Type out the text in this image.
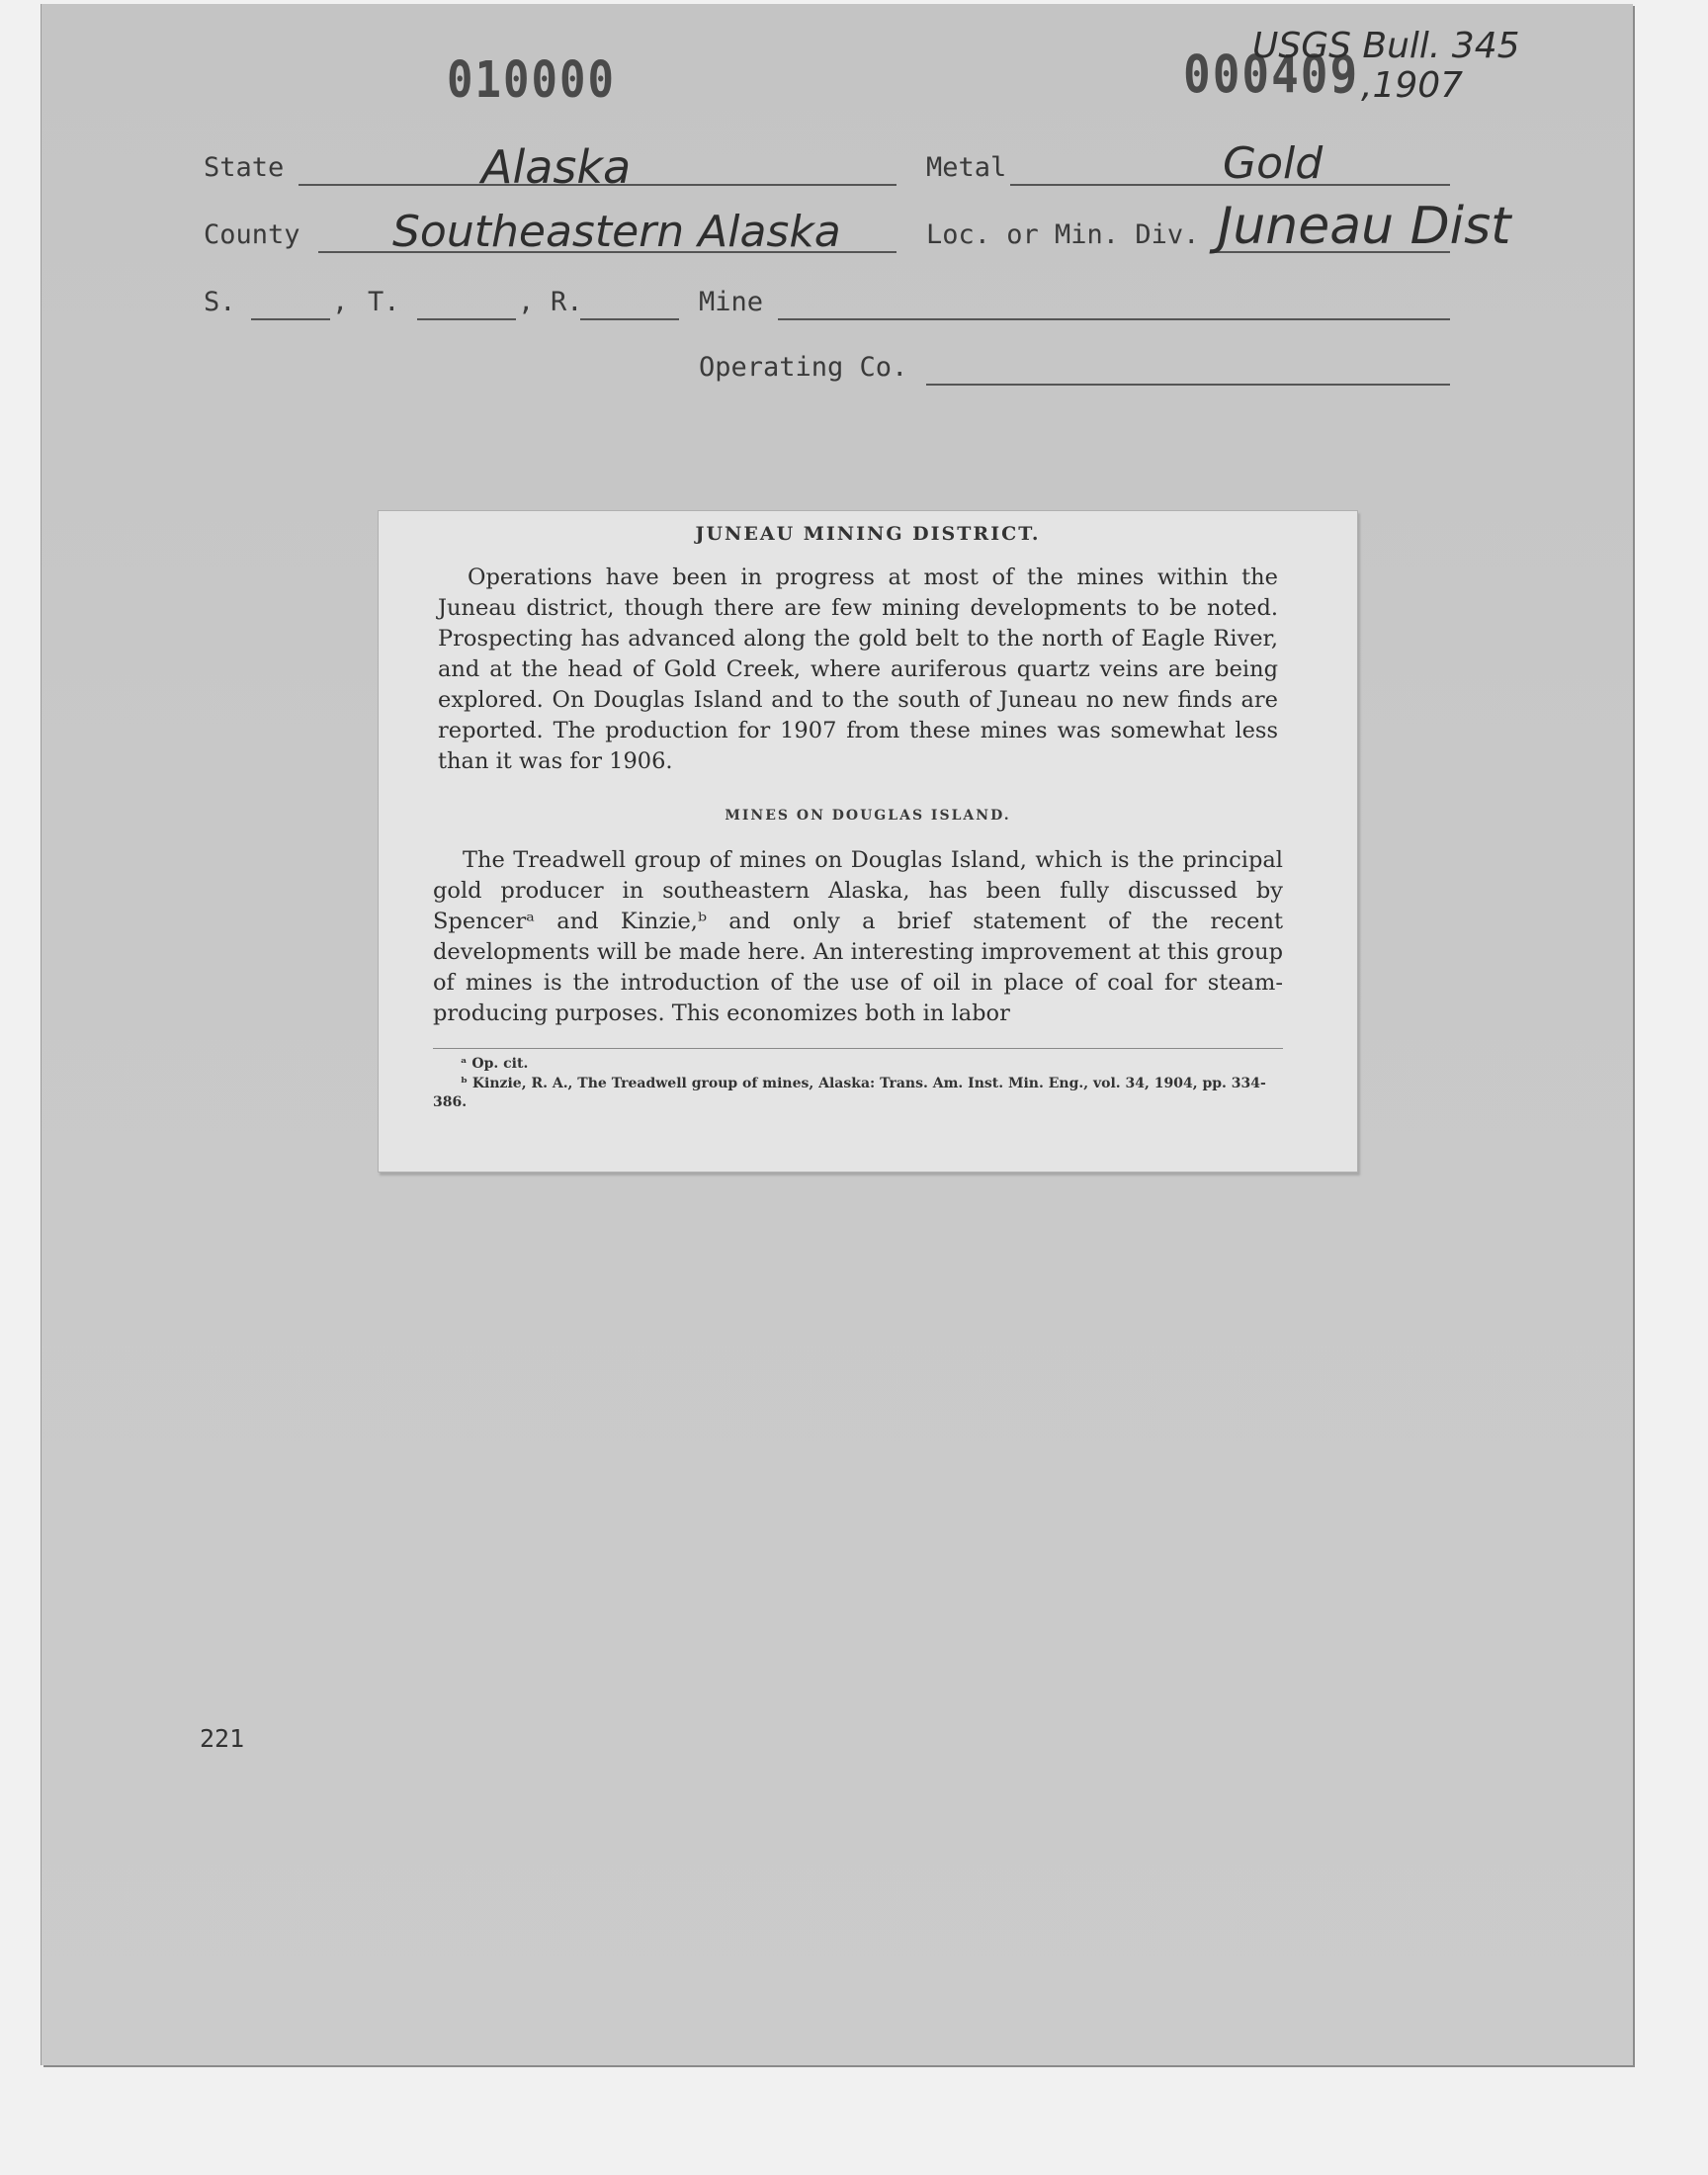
010000	000409
USGS Bull. 345
,1907
State	Alaska	Metal	Gold
County Southeastern Alaska	Loc. or Min. Div. Juneau Dist
S.	, T.	, R.	Mine
Operating Co.
JUNEAU MINING DISTRICT.

Operations have been in progress at most of the mines within the Juneau district, though there are few mining developments to be noted. Prospecting has advanced along the gold belt to the north of Eagle River, and at the head of Gold Creek, where auriferous quartz veins are being explored. On Douglas Island and to the south of Juneau no new finds are reported. The production for 1907 from these mines was somewhat less than it was for 1906.

MINES ON DOUGLAS ISLAND.

The Treadwell group of mines on Douglas Island, which is the principal gold producer in southeastern Alaska, has been fully discussed by Spencerᵃ and Kinzie,ᵇ and only a brief statement of the recent developments will be made here. An interesting improvement at this group of mines is the introduction of the use of oil in place of coal for steam-producing purposes. This economizes both in labor

ᵃ Op. cit.

ᵇ Kinzie, R. A., The Treadwell group of mines, Alaska: Trans. Am. Inst. Min. Eng., vol. 34, 1904, pp. 334-386.

221
